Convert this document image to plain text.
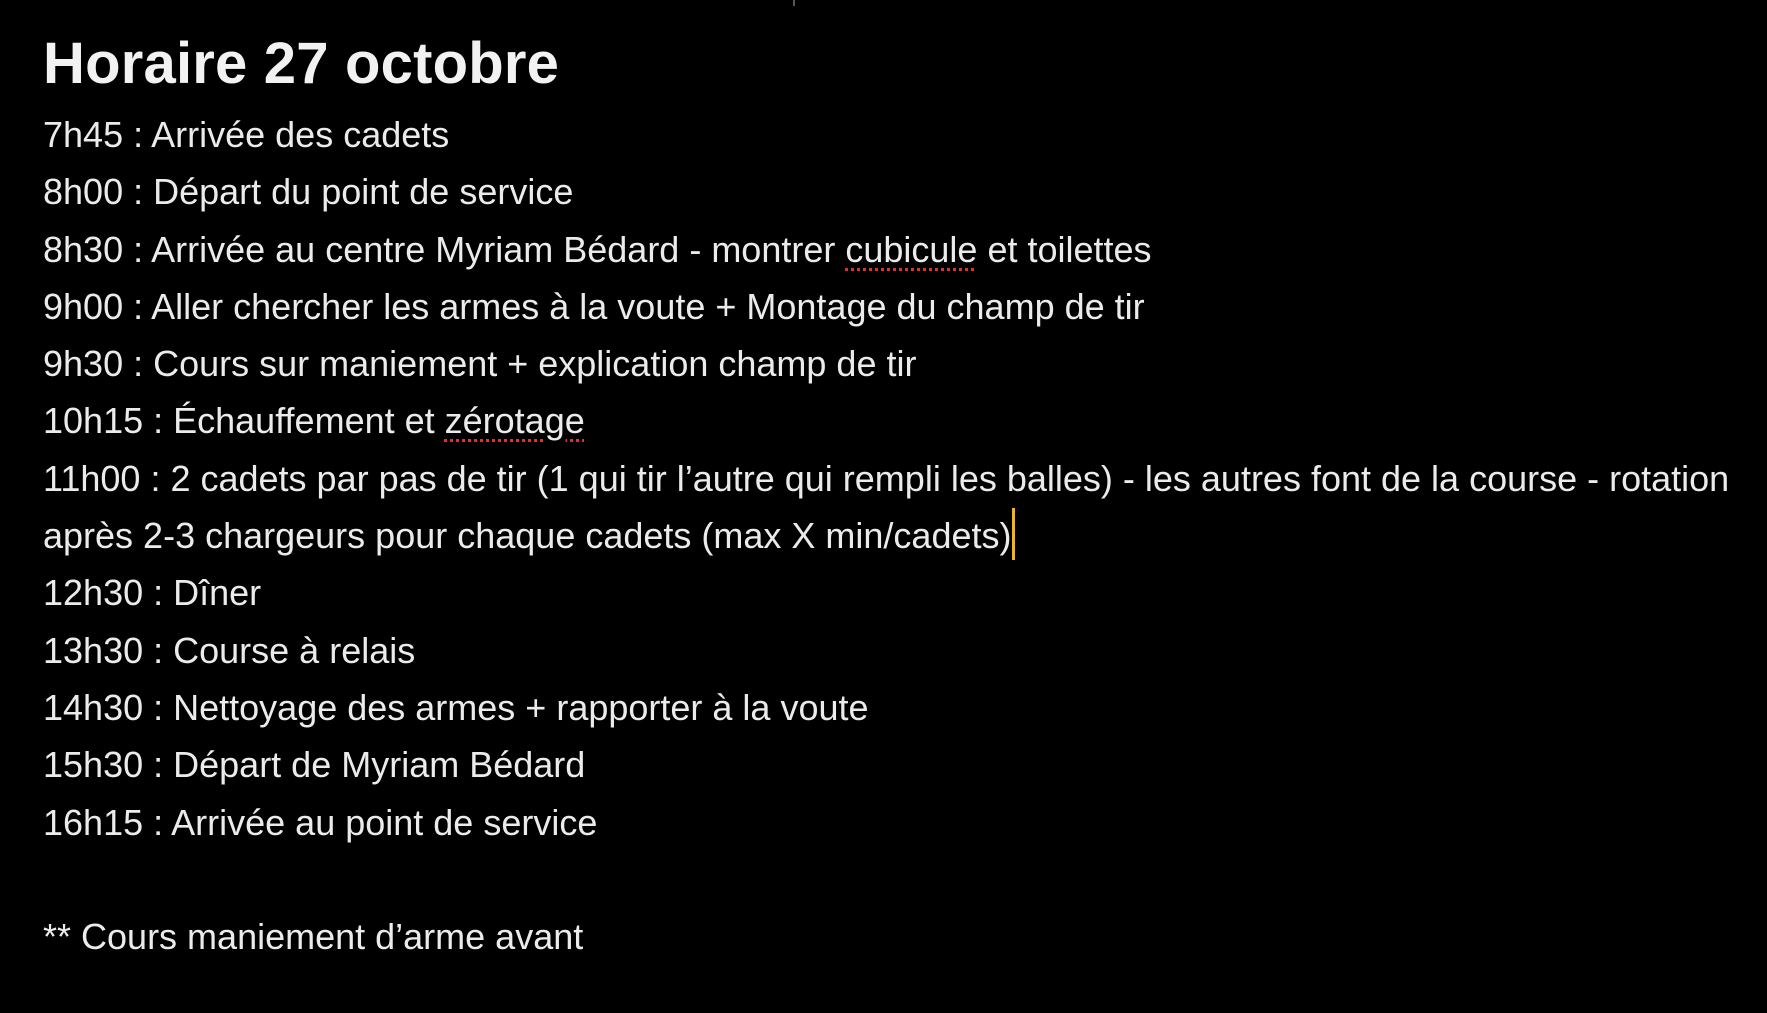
Horaire 27 octobre

7h45 : Arrivée des cadets

8h00 : Départ du point de service

8h30 : Arrivée au centre Myriam Bédard - montrer cubicule et toilettes

9h00 : Aller chercher les armes à la voute + Montage du champ de tir

9h30 : Cours sur maniement + explication champ de tir

10h15 : Échauffement et zérotage

11h00 : 2 cadets par pas de tir (1 qui tir l’autre qui rempli les balles) - les autres font de la course - rotation après 2-3 chargeurs pour chaque cadets (max X min/cadets)

12h30 : Dîner

13h30 : Course à relais

14h30 : Nettoyage des armes + rapporter à la voute

15h30 : Départ de Myriam Bédard

16h15 : Arrivée au point de service

** Cours maniement d’arme avant
